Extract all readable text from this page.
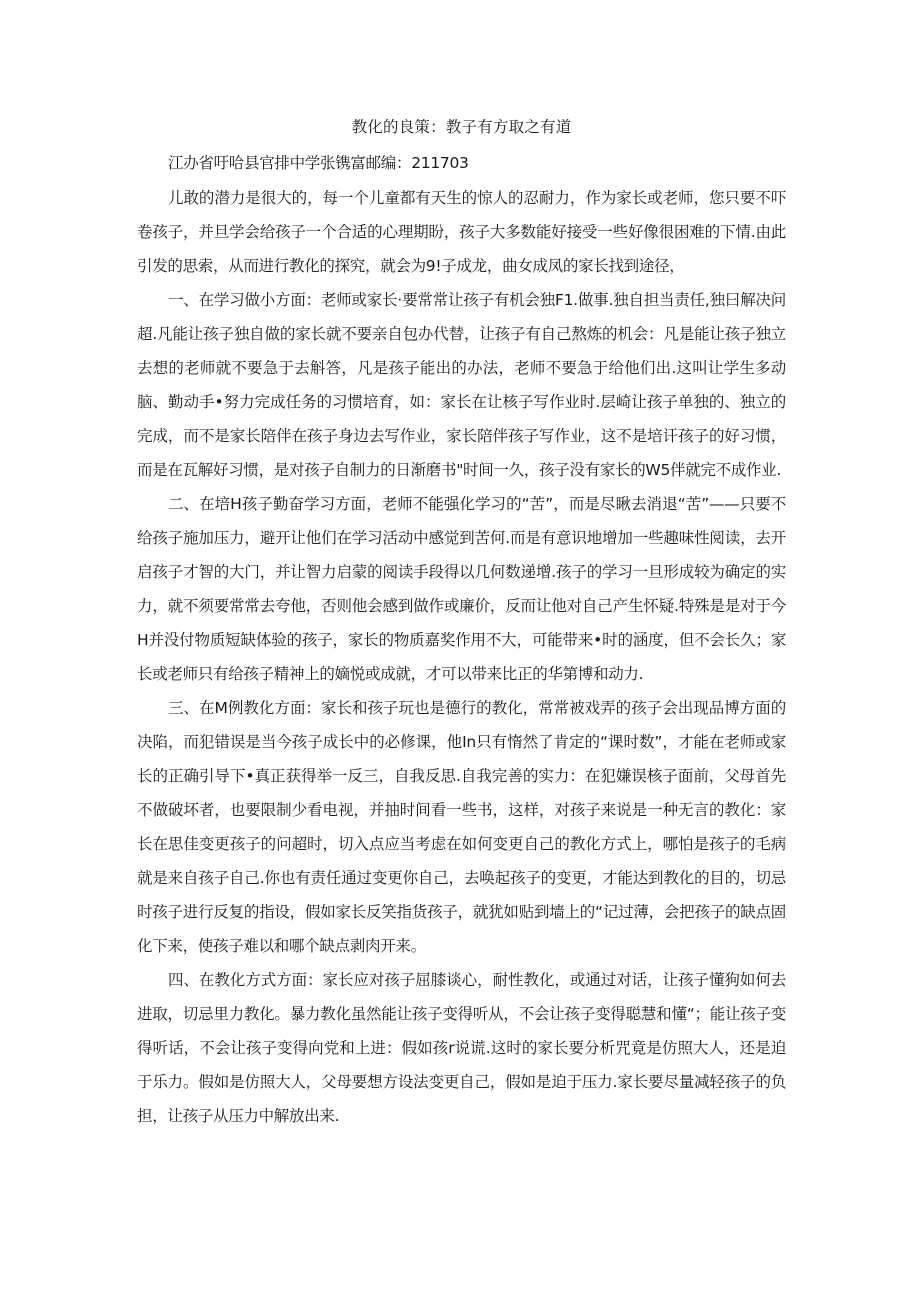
教化的良策：教子有方取之有道

江办省吁哈县官排中学张镌富邮编：211703

儿敢的潜力是很大的，每一个儿童都有天生的惊人的忍耐力，作为家长或老师，您只要不吓卷孩子，并旦学会给孩子一个合适的心理期盼，孩子大多数能好接受一些好像很困难的下情.由此引发的思索，从而进行教化的探究，就会为9!子成龙，曲女成凤的家长找到途径，

一、在学习做小方面：老师或家长·要常常让孩子有机会独F1.做事.独自担当责任,独曰解决问超.凡能让孩子独自做的家长就不要亲自包办代替，让孩子有自己熬炼的机会：凡是能让孩子独立去想的老师就不要急于去斛答，凡是孩子能出的办法，老师不要急于给他们出.这叫让学生多动脑、勤动手•努力完成任务的习惯培育，如：家长在让核子写作业时.层崎让孩子单独的、独立的完成，而不是家长陪伴在孩子身边去写作业，家长陪伴孩子写作业，这不是培讦孩子的好习惯，而是在瓦解好习惯，是对孩子自制力的日渐磨书"时间一久，孩子没有家长的W5伴就完不成作业.

二、在培H孩子勤奋学习方面，老师不能强化学习的“苦”，而是尽瞅去消退“苦”——只要不给孩子施加压力，避开让他们在学习活动中感觉到苦何.而是有意识地增加一些趣味性阅读，去开启孩子才智的大门，并让智力启蒙的阅读手段得以几何数递增.孩子的学习一旦形成较为确定的实力，就不须要常常去夸他，否则他会感到做作或廉价，反而让他对自己产生怀疑.特殊是是对于今H并没付物质短缺体验的孩子，家长的物质嘉奖作用不大，可能带来•时的涵度，但不会长久；家长或老师只有给孩子精神上的嫡悦或成就，才可以带来比正的华第博和动力.

三、在M例教化方面：家长和孩子玩也是德行的教化，常常被戏弄的孩子会出现品博方面的决陷，而犯错误是当今孩子成长中的必修课，他In只有惰然了肯定的“课时数”，才能在老师或家长的正确引导下•真正获得举一反三，自我反思.自我完善的实力：在犯嫌误核子面前，父母首先不做破坏者，也要限制少看电视，并抽时间看一些书，这样，对孩子来说是一种无言的教化：家长在思佳变更孩子的问超时，切入点应当考虑在如何变更自己的教化方式上，哪怕是孩子的毛病就是来自孩子自己.你也有责任通过变更你自己，去唤起孩子的变更，才能达到教化的目的，切忌时孩子进行反复的指设，假如家长反笑指货孩子，就犹如贴到墙上的“记过薄，会把孩子的缺点固化下来，使孩子难以和哪个缺点剥肉开来。

四、在教化方式方面：家长应对孩子屈膝谈心，耐性教化，或通过对话，让孩子懂狗如何去进取，切忌里力教化。暴力教化虽然能让孩子变得听从，不会让孩子变得聪慧和懂“；能让孩子变得听话，不会让孩子变得向党和上进：假如孩r说谎.这时的家长要分析咒竟是仿照大人，还是迫于乐力。假如是仿照大人，父母要想方设法变更自己，假如是迫于压力.家长要尽量减轻孩子的负担，让孩子从压力中解放出来.
